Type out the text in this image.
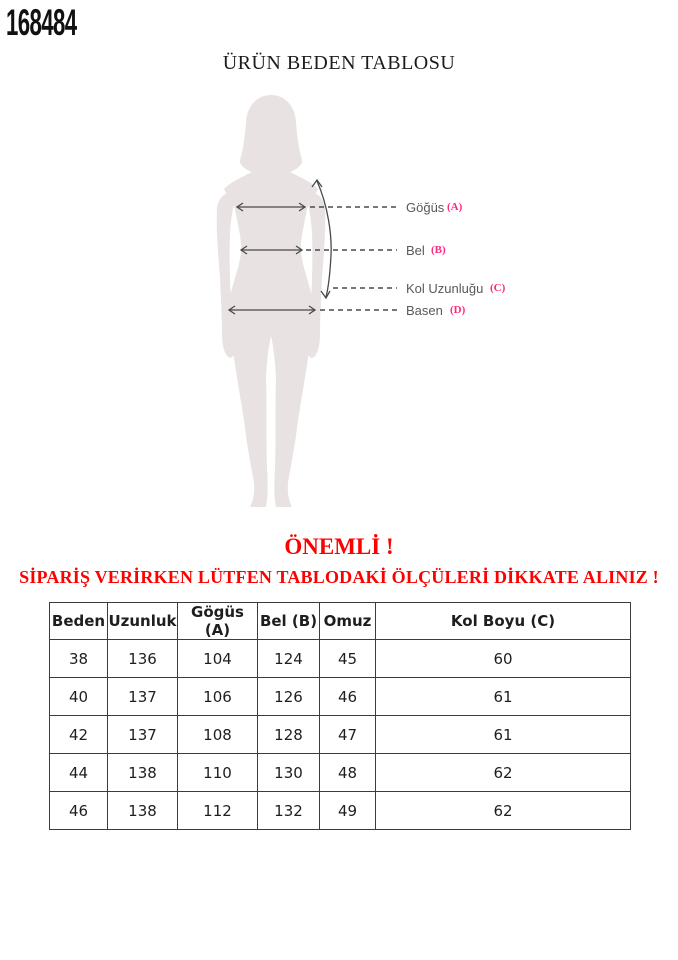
168484
ÜRÜN BEDEN TABLOSU
Göğüs (A)
Bel (B)
Kol Uzunluğu (C)
Basen (D)
ÖNEMLİ !
SİPARİŞ VERİRKEN LÜTFEN TABLODAKİ ÖLÇÜLERİ DİKKATE ALINIZ !
Beden	Uzunluk	Gögüs (A)	Bel (B)	Omuz	Kol Boyu (C)
38	136	104	124	45	60
40	137	106	126	46	61
42	137	108	128	47	61
44	138	110	130	48	62
46	138	112	132	49	62
